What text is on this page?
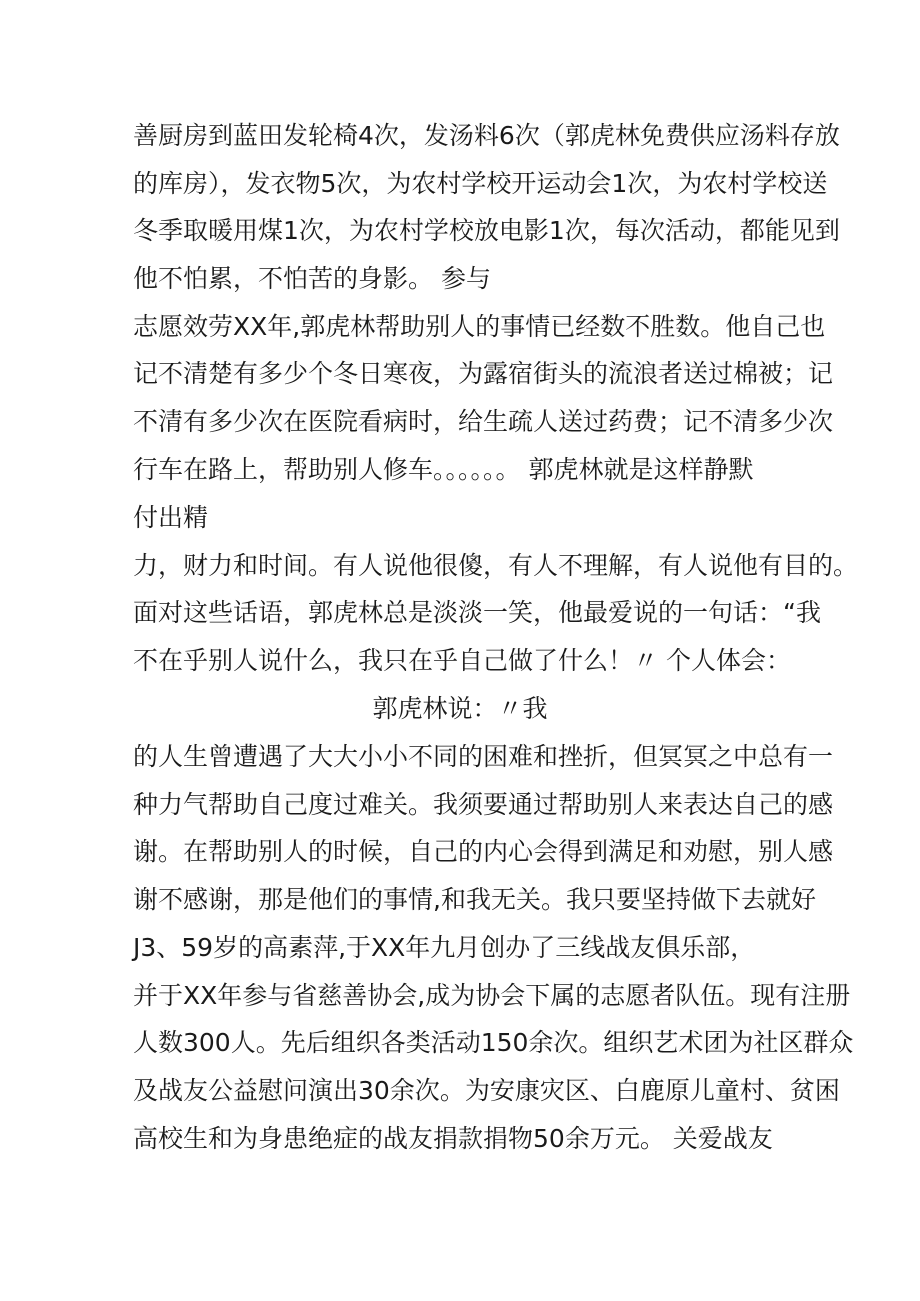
善厨房到蓝田发轮椅4次，发汤料6次（郭虎林免费供应汤料存放
的库房），发衣物5次，为农村学校开运动会1次，为农村学校送
冬季取暖用煤1次，为农村学校放电影1次，每次活动，都能见到
他不怕累，不怕苦的身影。 参与
志愿效劳XX年,郭虎林帮助别人的事情已经数不胜数。他自己也
记不清楚有多少个冬日寒夜，为露宿街头的流浪者送过棉被；记
不清有多少次在医院看病时，给生疏人送过药费；记不清多少次
行车在路上，帮助别人修车。。。。。。 郭虎林就是这样静默
付出精
力，财力和时间。有人说他很傻，有人不理解，有人说他有目的。
面对这些话语，郭虎林总是淡淡一笑，他最爱说的一句话：“我
不在乎别人说什么，我只在乎自己做了什么！〃 个人体会：
郭虎林说：〃我
的人生曾遭遇了大大小小不同的困难和挫折，但冥冥之中总有一
种力气帮助自己度过难关。我须要通过帮助别人来表达自己的感
谢。在帮助别人的时候，自己的内心会得到满足和劝慰，别人感
谢不感谢，那是他们的事情,和我无关。我只要坚持做下去就好
J3、59岁的高素萍,于XX年九月创办了三线战友俱乐部，
并于XX年参与省慈善协会,成为协会下属的志愿者队伍。现有注册
人数300人。先后组织各类活动150余次。组织艺术团为社区群众
及战友公益慰问演出30余次。为安康灾区、白鹿原儿童村、贫困
高校生和为身患绝症的战友捐款捐物50余万元。 关爱战友
